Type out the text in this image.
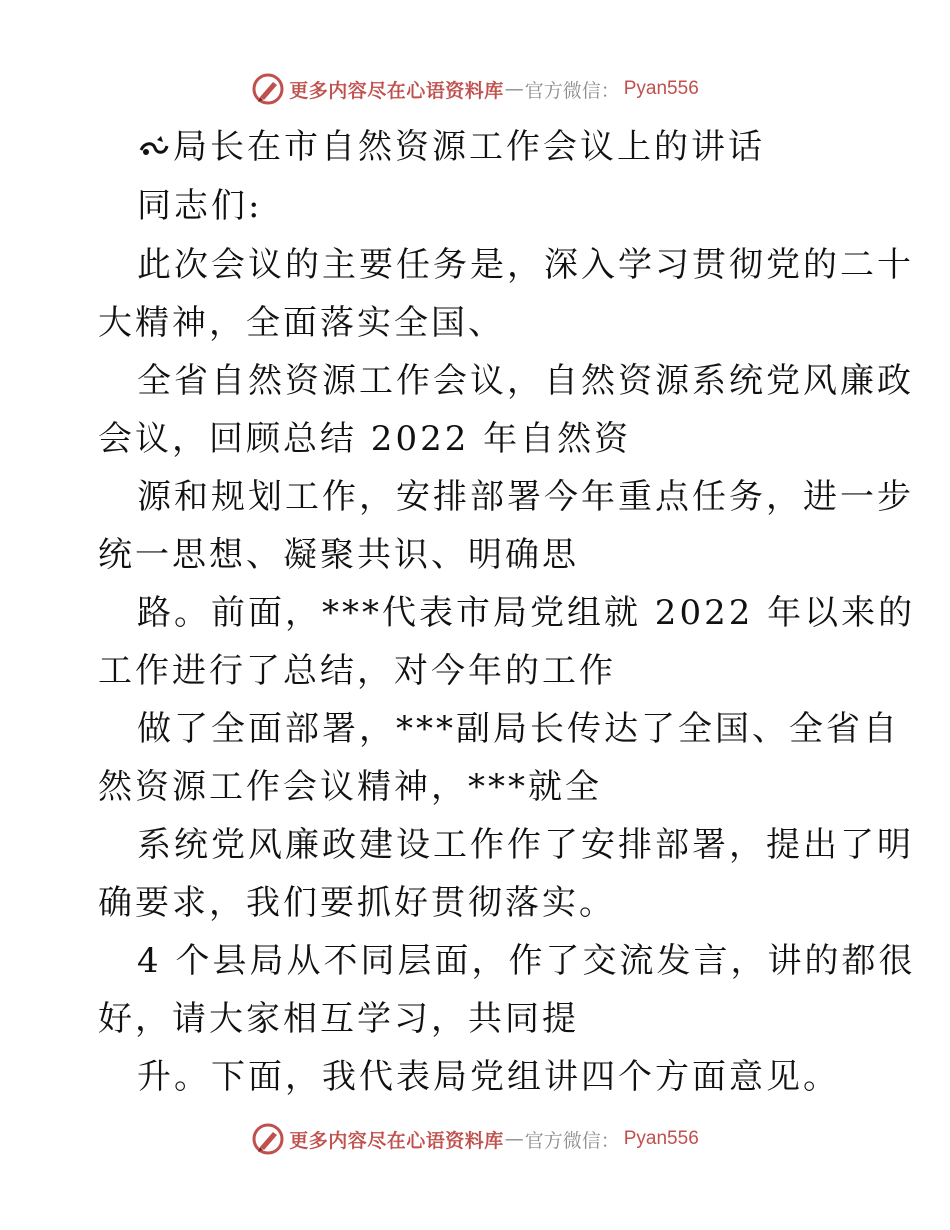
更多内容尽在心语资料库 — 官方微信： Pyan556
局长在市自然资源工作会议上的讲话
同志们:
此次会议的主要任务是，深入学习贯彻党的二十
大精神，全面落实全国、
全省自然资源工作会议，自然资源系统党风廉政
会议，回顾总结 2022 年自然资
源和规划工作，安排部署今年重点任务，进一步
统一思想、凝聚共识、明确思
路。前面，***代表市局党组就 2022 年以来的
工作进行了总结，对今年的工作
做了全面部署，***副局长传达了全国、全省自
然资源工作会议精神，***就全
系统党风廉政建设工作作了安排部署，提出了明
确要求，我们要抓好贯彻落实。
4 个县局从不同层面，作了交流发言，讲的都很
好，请大家相互学习，共同提
升。下面，我代表局党组讲四个方面意见。
更多内容尽在心语资料库 — 官方微信： Pyan556
